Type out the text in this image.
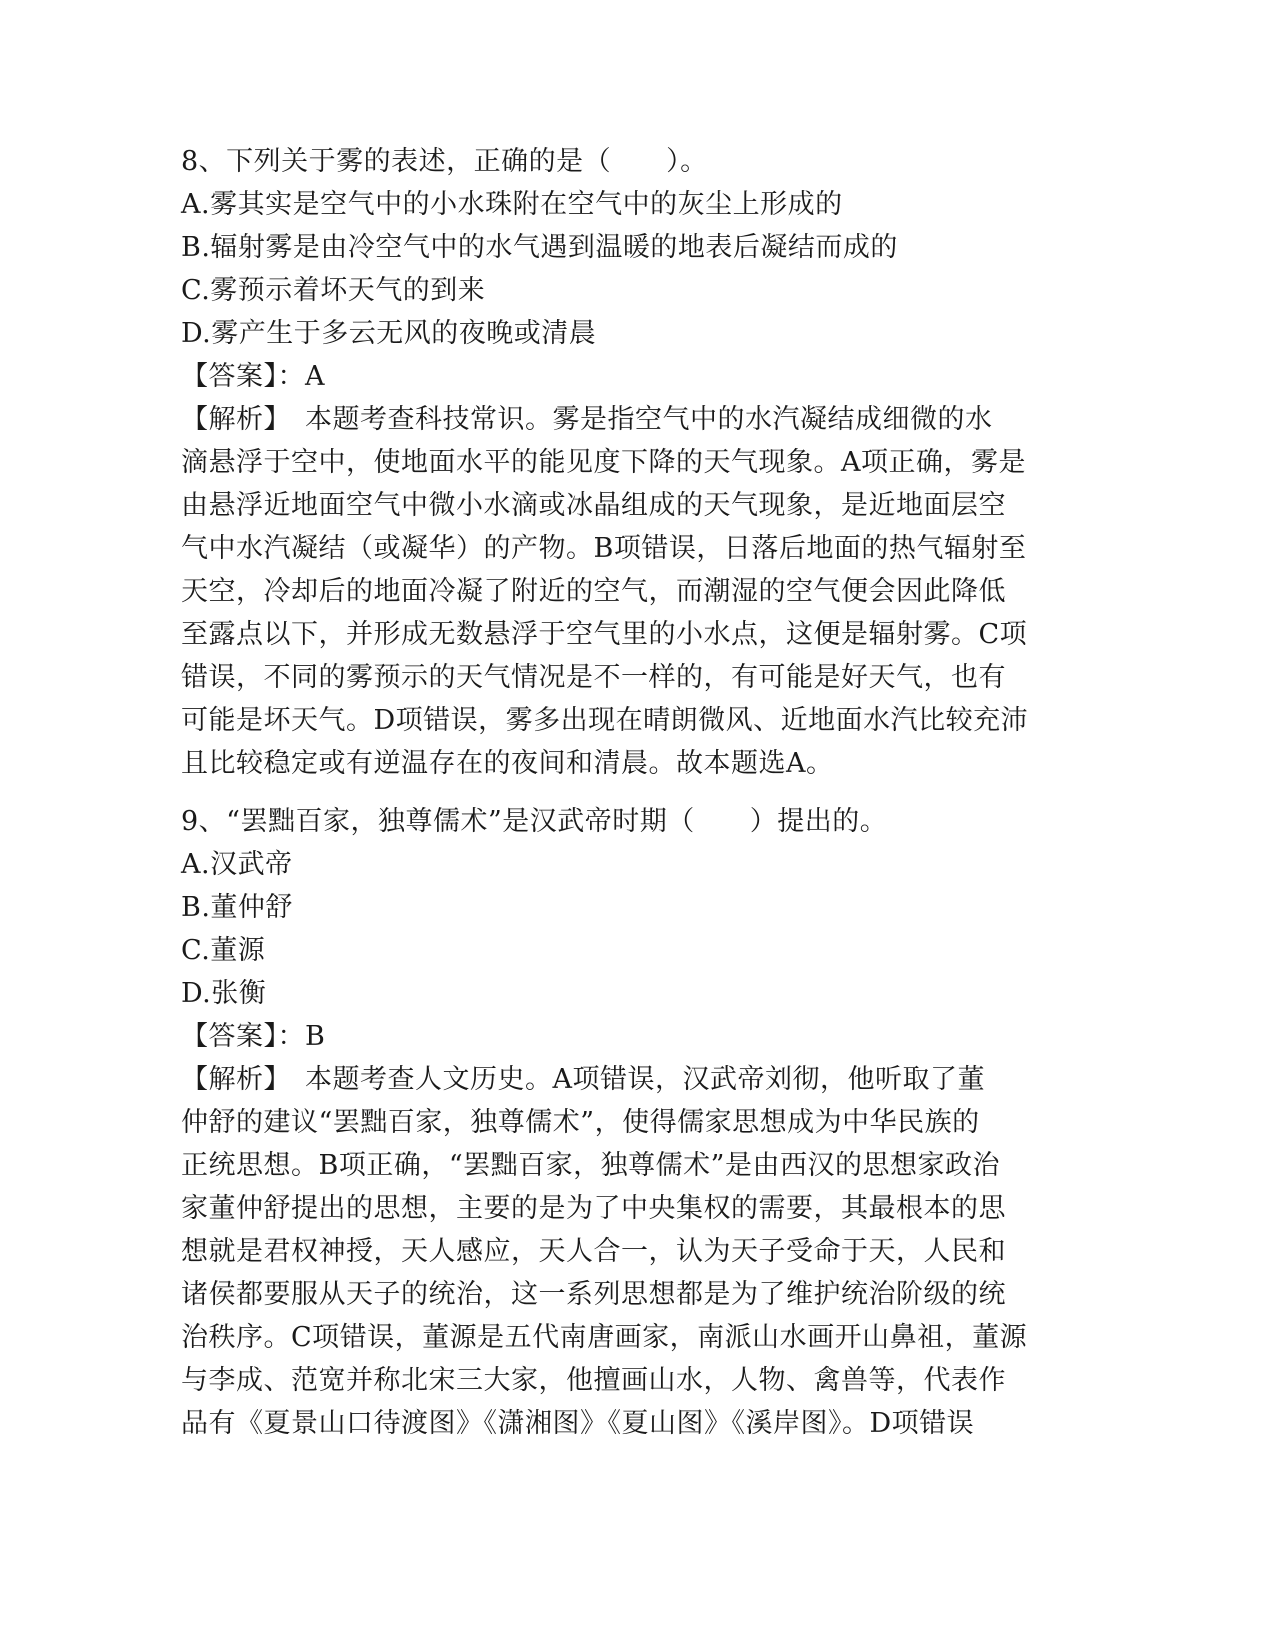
8、下列关于雾的表述，正确的是（　　）。
A.雾其实是空气中的小水珠附在空气中的灰尘上形成的
B.辐射雾是由冷空气中的水气遇到温暖的地表后凝结而成的
C.雾预示着坏天气的到来
D.雾产生于多云无风的夜晚或清晨
【答案】：A
【解析】　本题考查科技常识。雾是指空气中的水汽凝结成细微的水
滴悬浮于空中，使地面水平的能见度下降的天气现象。A项正确，雾是
由悬浮近地面空气中微小水滴或冰晶组成的天气现象，是近地面层空
气中水汽凝结（或凝华）的产物。B项错误，日落后地面的热气辐射至
天空，冷却后的地面冷凝了附近的空气，而潮湿的空气便会因此降低
至露点以下，并形成无数悬浮于空气里的小水点，这便是辐射雾。C项
错误，不同的雾预示的天气情况是不一样的，有可能是好天气，也有
可能是坏天气。D项错误，雾多出现在晴朗微风、近地面水汽比较充沛
且比较稳定或有逆温存在的夜间和清晨。故本题选A。
9、“罢黜百家，独尊儒术”是汉武帝时期（　　）提出的。
A.汉武帝
B.董仲舒
C.董源
D.张衡
【答案】：B
【解析】　本题考查人文历史。A项错误，汉武帝刘彻，他听取了董
仲舒的建议“罢黜百家，独尊儒术”，使得儒家思想成为中华民族的
正统思想。B项正确，“罢黜百家，独尊儒术”是由西汉的思想家政治
家董仲舒提出的思想，主要的是为了中央集权的需要，其最根本的思
想就是君权神授，天人感应，天人合一，认为天子受命于天，人民和
诸侯都要服从天子的统治，这一系列思想都是为了维护统治阶级的统
治秩序。C项错误，董源是五代南唐画家，南派山水画开山鼻祖，董源
与李成、范宽并称北宋三大家，他擅画山水，人物、禽兽等，代表作
品有《夏景山口待渡图》《潇湘图》《夏山图》《溪岸图》。D项错误
